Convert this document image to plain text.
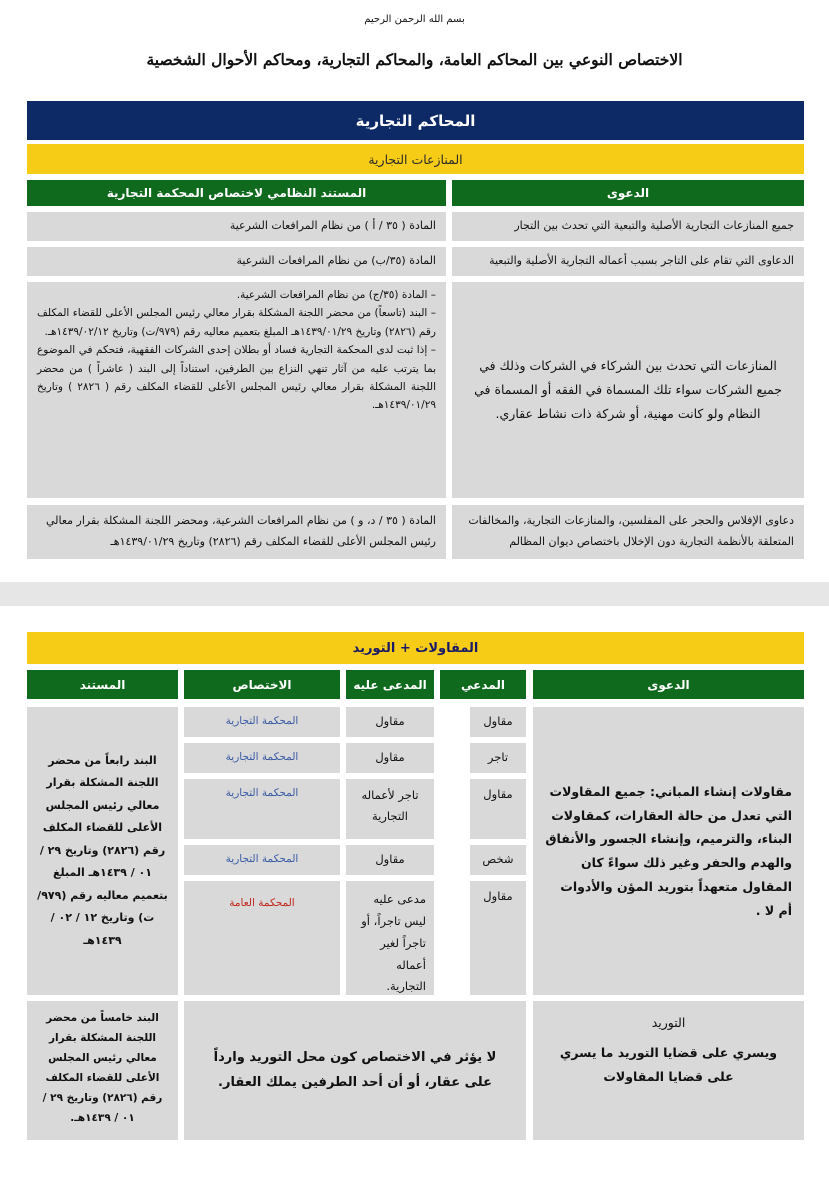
بسم الله الرحمن الرحيم
الاختصاص النوعي بين المحاكم العامة، والمحاكم التجارية، ومحاكم الأحوال الشخصية
المحاكم التجارية
المنازعات التجارية
الدعوى
المستند النظامي لاختصاص المحكمة التجارية
جميع المنازعات التجارية الأصلية والتبعية التي تحدث بين التجار
المادة ( ٣٥ / أ ) من نظام المرافعات الشرعية
الدعاوى التي تقام على التاجر بسبب أعماله التجارية الأصلية والتبعية
المادة (٣٥/ب) من نظام المرافعات الشرعية
المنازعات التي تحدث بين الشركاء في الشركات وذلك في جميع الشركات سواء تلك المسماة في الفقه أو المسماة في النظام ولو كانت مهنية، أو شركة ذات نشاط عقاري.
– المادة (٣٥/ج) من نظام المرافعات الشرعية.
– البند (تاسعاً) من محضر اللجنة المشكلة بقرار معالي رئيس المجلس الأعلى للقضاء المكلف رقم (٢٨٢٦) وتاريخ ١٤٣٩/٠١/٢٩هـ المبلغ بتعميم معاليه رقم (٩٧٩/ت) وتاريخ ١٤٣٩/٠٢/١٢هـ.
– إذا ثبت لدى المحكمة التجارية فساد أو بطلان إحدى الشركات الفقهية، فتحكم في الموضوع بما يترتب عليه من آثار تنهي النزاع بين الطرفين، استناداً إلى البند ( عاشراً ) من محضر اللجنة المشكلة بقرار معالي رئيس المجلس الأعلى للقضاء المكلف رقم ( ٢٨٢٦ ) وتاريخ ١٤٣٩/٠١/٢٩هـ.
دعاوى الإفلاس والحجر على المفلسين، والمنازعات التجارية، والمخالفات المتعلقة بالأنظمة التجارية دون الإخلال باختصاص ديوان المظالم
المادة ( ٣٥ / د، و ) من نظام المرافعات الشرعية، ومحضر اللجنة المشكلة بقرار معالي رئيس المجلس الأعلى للقضاء المكلف رقم (٢٨٢٦) وتاريخ ١٤٣٩/٠١/٢٩هـ
المقاولات + التوريد
الدعوى
المدعي
المدعى عليه
الاختصاص
المستند
مقاولات إنشاء المباني: جميع المقاولات التي تعدل من حالة العقارات، كمقاولات البناء، والترميم، وإنشاء الجسور والأنفاق والهدم والحفر وغير ذلك سواءً كان المقاول متعهداً بتوريد المؤن والأدوات أم لا .
البند رابعاً من محضر اللجنة المشكلة بقرار معالي رئيس المجلس الأعلى للقضاء المكلف رقم (٢٨٢٦) وتاريخ ٢٩ / ٠١ / ١٤٣٩هـ المبلغ بتعميم معاليه رقم (٩٧٩/ت) وتاريخ ١٢ / ٠٢ / ١٤٣٩هـ
مقاول
مقاول
المحكمة التجارية
تاجر
مقاول
المحكمة التجارية
مقاول
تاجر لأعماله التجارية
المحكمة التجارية
شخص
مقاول
المحكمة التجارية
مقاول
مدعى عليه ليس تاجراً، أو تاجراً لغير أعماله التجارية.
المحكمة العامة
التوريد
ويسري على قضايا التوريد ما يسري على قضايا المقاولات
لا يؤثر في الاختصاص كون محل التوريد وارداً على عقار، أو أن أحد الطرفين يملك العقار.
البند خامساً من محضر اللجنة المشكلة بقرار معالي رئيس المجلس الأعلى للقضاء المكلف رقم (٢٨٢٦) وتاريخ ٢٩ / ٠١ / ١٤٣٩هـ.
